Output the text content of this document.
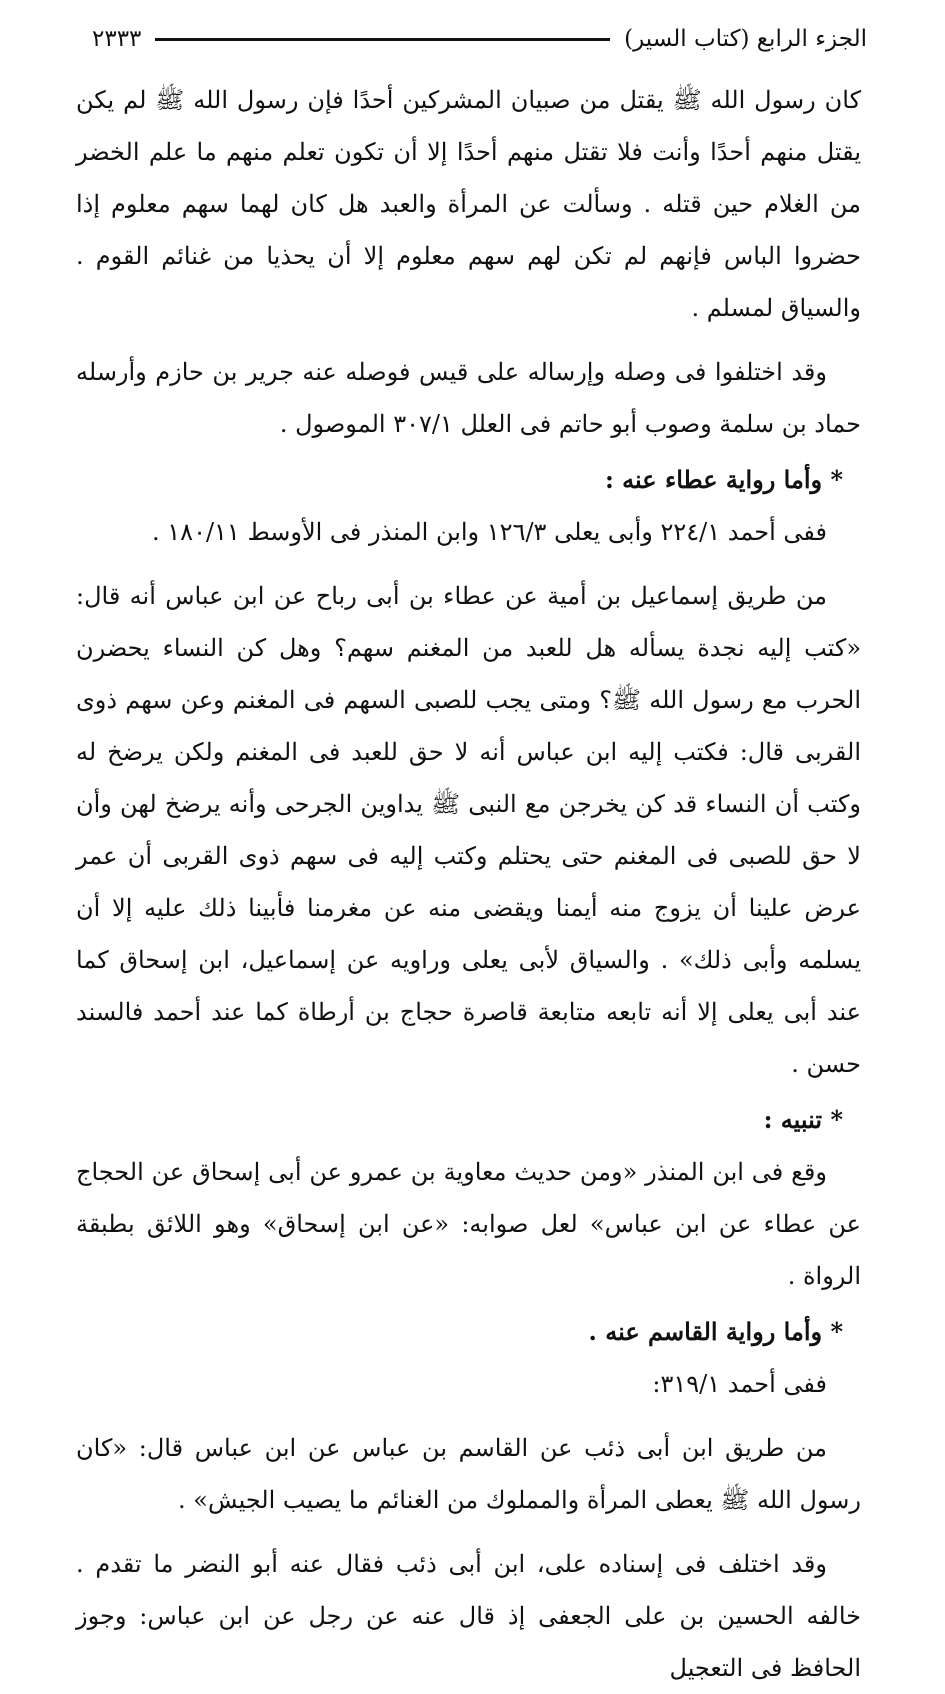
الجزء الرابع (كتاب السير)
٢٣٣٣

كان رسول الله ﷺ يقتل من صبيان المشركين أحدًا فإن رسول الله ﷺ لم يكن يقتل منهم أحدًا وأنت فلا تقتل منهم أحدًا إلا أن تكون تعلم منهم ما علم الخضر من الغلام حين قتله . وسألت عن المرأة والعبد هل كان لهما سهم معلوم إذا حضروا الباس فإنهم لم تكن لهم سهم معلوم إلا أن يحذيا من غنائم القوم . والسياق لمسلم .

وقد اختلفوا فى وصله وإرساله على قيس فوصله عنه جرير بن حازم وأرسله حماد بن سلمة وصوب أبو حاتم فى العلل ٣٠٧/١ الموصول .

* وأما رواية عطاء عنه :

ففى أحمد ٢٢٤/١ وأبى يعلى ١٢٦/٣ وابن المنذر فى الأوسط ١٨٠/١١ .

من طريق إسماعيل بن أمية عن عطاء بن أبى رباح عن ابن عباس أنه قال: «كتب إليه نجدة يسأله هل للعبد من المغنم سهم؟ وهل كن النساء يحضرن الحرب مع رسول الله ﷺ؟ ومتى يجب للصبى السهم فى المغنم وعن سهم ذوى القربى قال: فكتب إليه ابن عباس أنه لا حق للعبد فى المغنم ولكن يرضخ له وكتب أن النساء قد كن يخرجن مع النبى ﷺ يداوين الجرحى وأنه يرضخ لهن وأن لا حق للصبى فى المغنم حتى يحتلم وكتب إليه فى سهم ذوى القربى أن عمر عرض علينا أن يزوج منه أيمنا ويقضى منه عن مغرمنا فأبينا ذلك عليه إلا أن يسلمه وأبى ذلك» . والسياق لأبى يعلى وراويه عن إسماعيل، ابن إسحاق كما عند أبى يعلى إلا أنه تابعه متابعة قاصرة حجاج بن أرطاة كما عند أحمد فالسند حسن .

* تنبيه :

وقع فى ابن المنذر «ومن حديث معاوية بن عمرو عن أبى إسحاق عن الحجاج عن عطاء عن ابن عباس» لعل صوابه: «عن ابن إسحاق» وهو اللائق بطبقة الرواة .

* وأما رواية القاسم عنه .

ففى أحمد ٣١٩/١:

من طريق ابن أبى ذئب عن القاسم بن عباس عن ابن عباس قال: «كان رسول الله ﷺ يعطى المرأة والمملوك من الغنائم ما يصيب الجيش» .

وقد اختلف فى إسناده على، ابن أبى ذئب فقال عنه أبو النضر ما تقدم . خالفه الحسين بن على الجعفى إذ قال عنه عن رجل عن ابن عباس: وجوز الحافظ فى التعجيل
